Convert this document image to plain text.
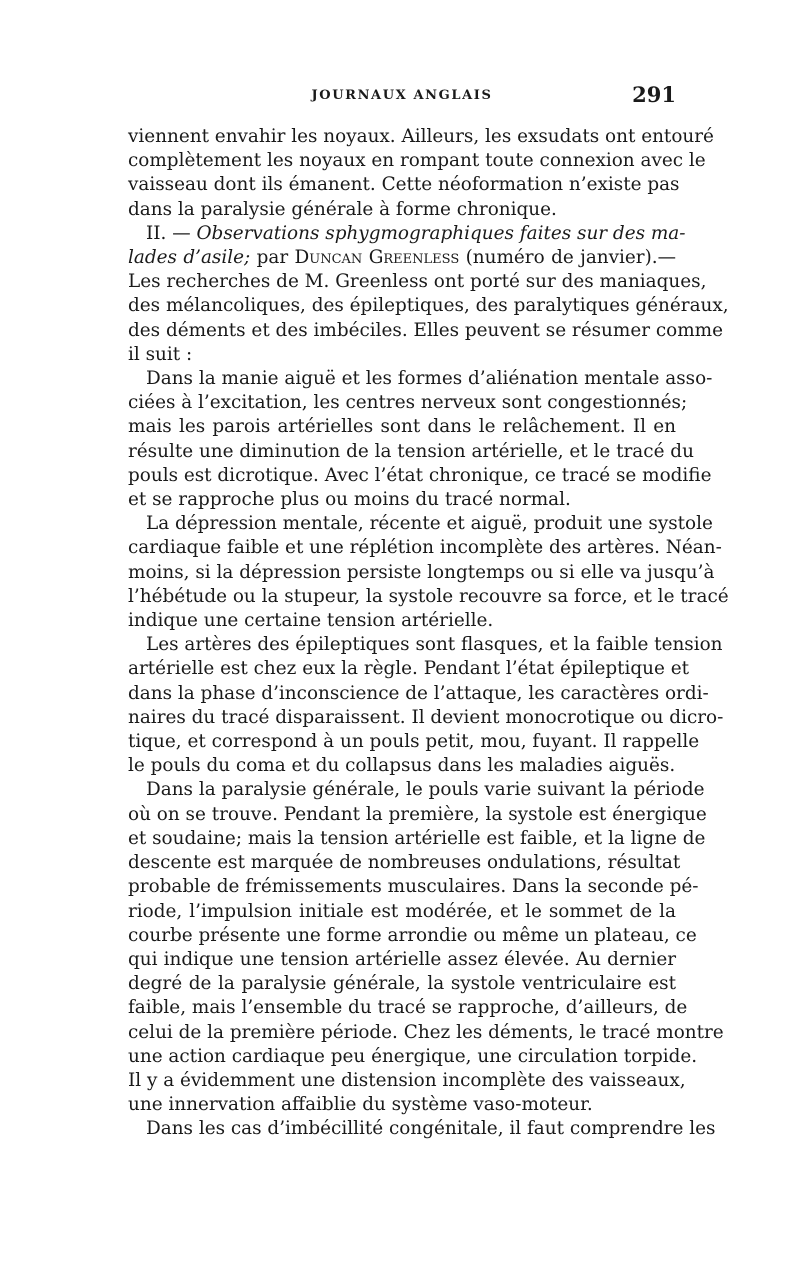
JOURNAUX ANGLAIS	291
viennent envahir les noyaux. Ailleurs, les exsudats ont entouré
complètement les noyaux en rompant toute connexion avec le
vaisseau dont ils émanent. Cette néoformation n’existe pas
dans la paralysie générale à forme chronique.
II. — Observations sphygmographiques faites sur des ma-
lades d’asile; par Duncan Greenless (numéro de janvier).—
Les recherches de M. Greenless ont porté sur des maniaques,
des mélancoliques, des épileptiques, des paralytiques généraux,
des déments et des imbéciles. Elles peuvent se résumer comme
il suit :
Dans la manie aiguë et les formes d’aliénation mentale asso-
ciées à l’excitation, les centres nerveux sont congestionnés;
mais les parois artérielles sont dans le relâchement. Il en
résulte une diminution de la tension artérielle, et le tracé du
pouls est dicrotique. Avec l’état chronique, ce tracé se modifie
et se rapproche plus ou moins du tracé normal.
La dépression mentale, récente et aiguë, produit une systole
cardiaque faible et une réplétion incomplète des artères. Néan-
moins, si la dépression persiste longtemps ou si elle va jusqu’à
l’hébétude ou la stupeur, la systole recouvre sa force, et le tracé
indique une certaine tension artérielle.
Les artères des épileptiques sont flasques, et la faible tension
artérielle est chez eux la règle. Pendant l’état épileptique et
dans la phase d’inconscience de l’attaque, les caractères ordi-
naires du tracé disparaissent. Il devient monocrotique ou dicro-
tique, et correspond à un pouls petit, mou, fuyant. Il rappelle
le pouls du coma et du collapsus dans les maladies aiguës.
Dans la paralysie générale, le pouls varie suivant la période
où on se trouve. Pendant la première, la systole est énergique
et soudaine; mais la tension artérielle est faible, et la ligne de
descente est marquée de nombreuses ondulations, résultat
probable de frémissements musculaires. Dans la seconde pé-
riode, l’impulsion initiale est modérée, et le sommet de la
courbe présente une forme arrondie ou même un plateau, ce
qui indique une tension artérielle assez élevée. Au dernier
degré de la paralysie générale, la systole ventriculaire est
faible, mais l’ensemble du tracé se rapproche, d’ailleurs, de
celui de la première période. Chez les déments, le tracé montre
une action cardiaque peu énergique, une circulation torpide.
Il y a évidemment une distension incomplète des vaisseaux,
une innervation affaiblie du système vaso-moteur.
Dans les cas d’imbécillité congénitale, il faut comprendre les
